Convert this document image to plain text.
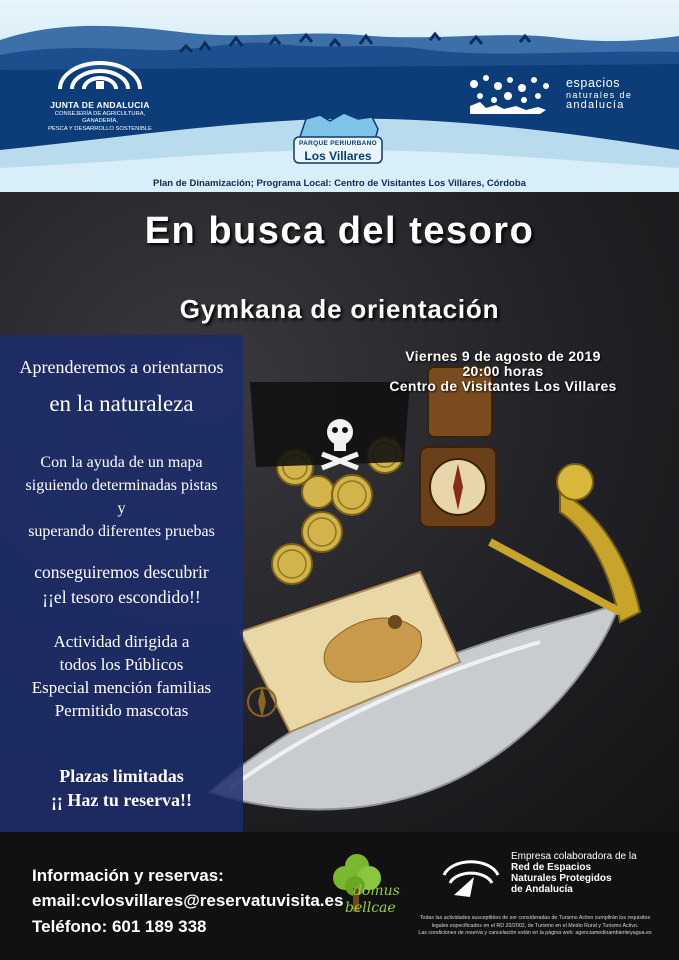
JUNTA DE ANDALUCIA
CONSEJERÍA DE AGRICULTURA, GANADERÍA,
PESCA Y DESARROLLO SOSTENIBLE
espacios
naturales de
andalucía
PARQUE PERIURBANO
Los Villares
Plan de Dinamización; Programa Local: Centro de Visitantes Los Villares, Córdoba
En busca del tesoro
Gymkana de orientación
Viernes 9 de agosto de 2019
20:00 horas
Centro de Visitantes Los Villares
Aprenderemos a orientarnos
en la naturaleza
Con la ayuda de un mapa
siguiendo determinadas pistas
y
superando diferentes pruebas
conseguiremos descubrir
¡¡el tesoro escondido!!
Actividad dirigida a
todos los Públicos
Especial mención familias
Permitido mascotas
Plazas limitadas
¡¡ Haz tu reserva!!
Información y reservas:
email:cvlosvillares@reservatuvisita.es
Teléfono: 601 189 338
domus
bellcae
Empresa colaboradora de la
Red de Espacios
Naturales Protegidos
de Andalucía
Todas las actividades susceptibles de ser consideradas de Turismo Activo cumplirán los requisitos
legales especificados en el RD 20/2002, de Turismo en el Medio Rural y Turismo Activo.
Las condiciones de reserva y cancelación están en la página web: agenciamedioambienteyagua.es
